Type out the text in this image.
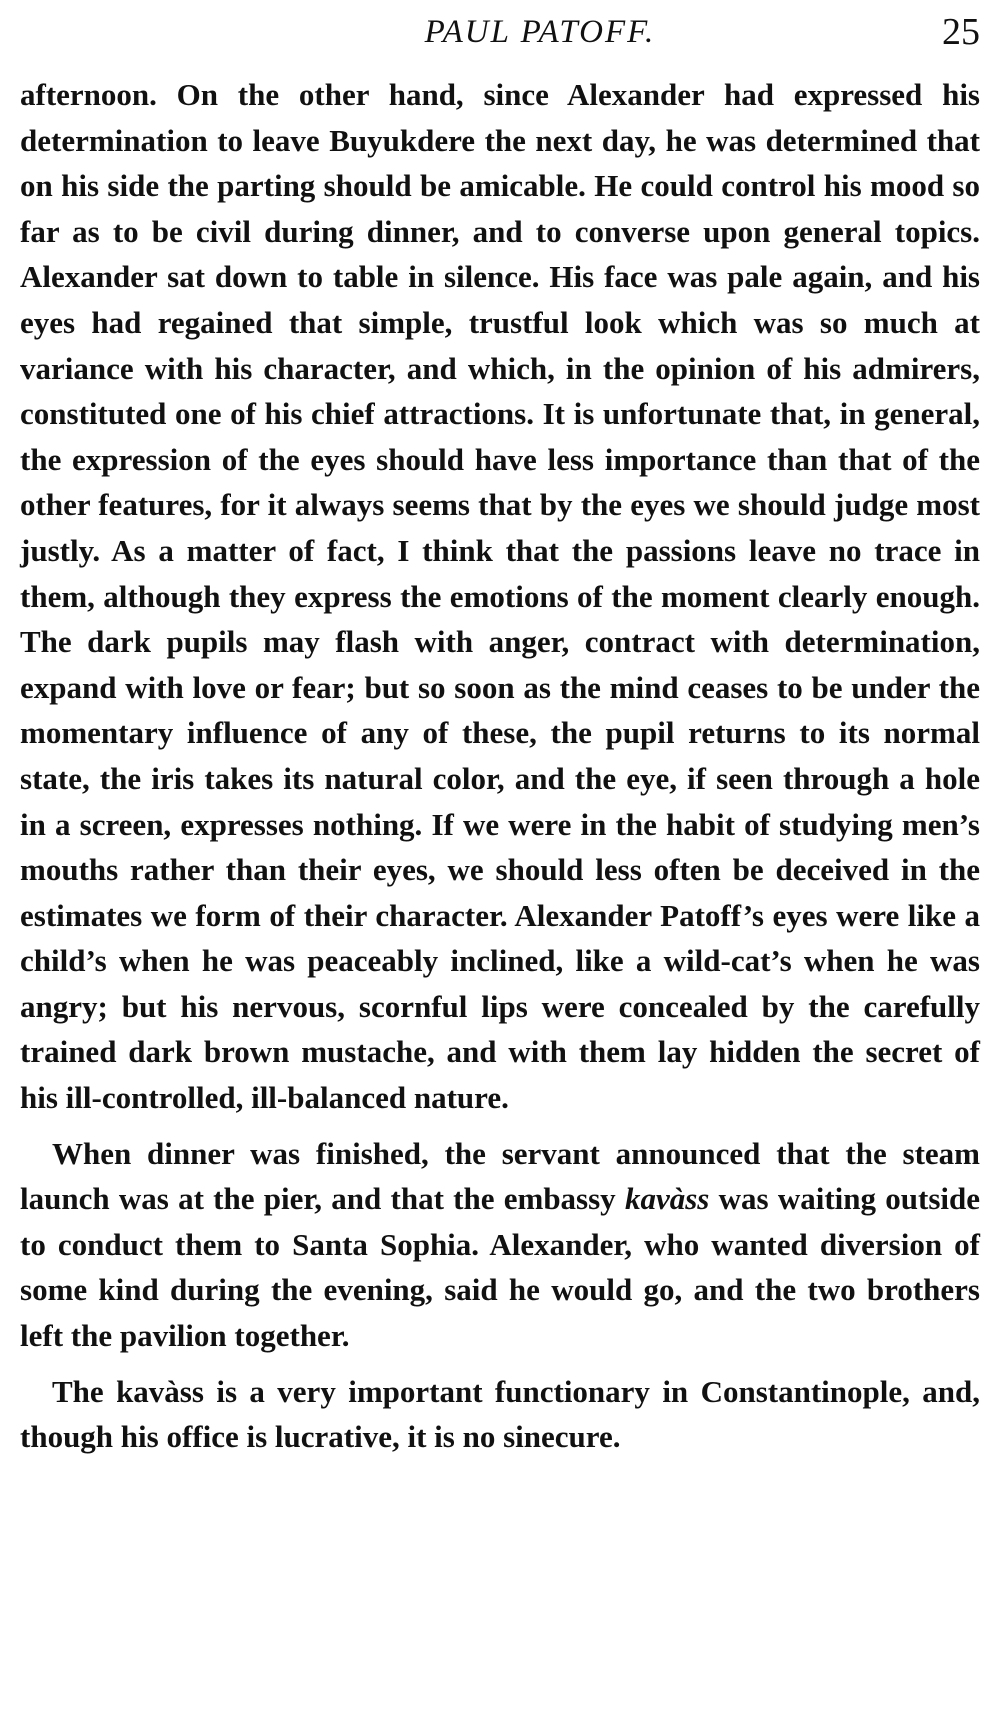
PAUL PATOFF.	25

afternoon. On the other hand, since Alexander had expressed his determination to leave Buyukdere the next day, he was determined that on his side the parting should be amicable. He could control his mood so far as to be civil during dinner, and to converse upon general topics. Alexander sat down to table in silence. His face was pale again, and his eyes had regained that simple, trustful look which was so much at variance with his character, and which, in the opinion of his admirers, constituted one of his chief attractions. It is unfortunate that, in general, the expression of the eyes should have less importance than that of the other features, for it always seems that by the eyes we should judge most justly. As a matter of fact, I think that the passions leave no trace in them, although they express the emotions of the moment clearly enough. The dark pupils may flash with anger, contract with determination, expand with love or fear; but so soon as the mind ceases to be under the momentary influence of any of these, the pupil returns to its normal state, the iris takes its natural color, and the eye, if seen through a hole in a screen, expresses nothing. If we were in the habit of studying men’s mouths rather than their eyes, we should less often be deceived in the estimates we form of their character. Alexander Patoff’s eyes were like a child’s when he was peaceably inclined, like a wild-cat’s when he was angry; but his nervous, scornful lips were concealed by the carefully trained dark brown mustache, and with them lay hidden the secret of his ill-controlled, ill-balanced nature.

When dinner was finished, the servant announced that the steam launch was at the pier, and that the embassy kavàss was waiting outside to conduct them to Santa Sophia. Alexander, who wanted diversion of some kind during the evening, said he would go, and the two brothers left the pavilion together.

The kavàss is a very important functionary in Constantinople, and, though his office is lucrative, it is no sinecure.
